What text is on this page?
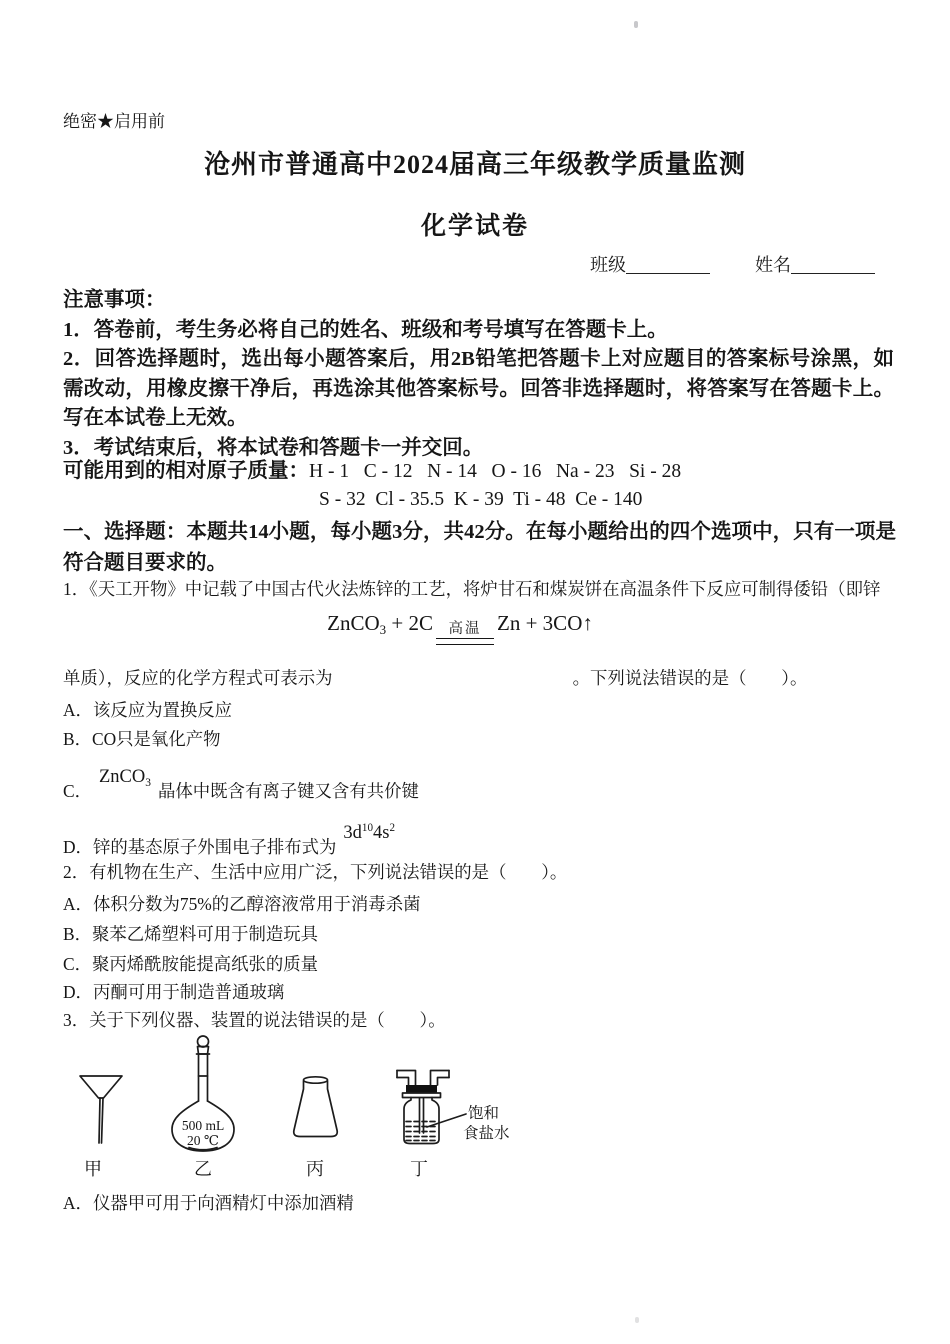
绝密★启用前
沧州市普通高中2024届高三年级教学质量监测
化学试卷
班级	姓名
注意事项：
1．答卷前，考生务必将自己的姓名、班级和考号填写在答题卡上。
2．回答选择题时，选出每小题答案后，用2B铅笔把答题卡上对应题目的答案标号涂黑，如需改动，用橡皮擦干净后，再选涂其他答案标号。回答非选择题时，将答案写在答题卡上。写在本试卷上无效。
3．考试结束后，将本试卷和答题卡一并交回。
可能用到的相对原子质量：H - 1   C - 12   N - 14   O - 16   Na - 23   Si - 28
S - 32  Cl - 35.5  K - 39  Ti - 48  Ce - 140
一、选择题：本题共14小题，每小题3分，共42分。在每小题给出的四个选项中，只有一项是符合题目要求的。
1．《天工开物》中记载了中国古代火法炼锌的工艺，将炉甘石和煤炭饼在高温条件下反应可制得倭铅（即锌
ZnCO$_3$ + 2C	高温 Zn + 3CO↑
单质），反应的化学方程式可表示为	。下列说法错误的是（　　）。
A．该反应为置换反应
B．CO只是氧化产物
C．ZnCO$_3$ 晶体中既含有离子键又含有共价键
D．锌的基态原子外围电子排布式为$3d^{10}4s^2$
2．有机物在生产、生活中应用广泛，下列说法错误的是（　　）。
A．体积分数为75%的乙醇溶液常用于消毒杀菌
B．聚苯乙烯塑料可用于制造玩具
C．聚丙烯酰胺能提高纸张的质量
D．丙酮可用于制造普通玻璃
3．关于下列仪器、装置的说法错误的是（　　）。
500 mL
20 ℃
饱和
食盐水
甲	乙	丙	丁
A．仪器甲可用于向酒精灯中添加酒精
